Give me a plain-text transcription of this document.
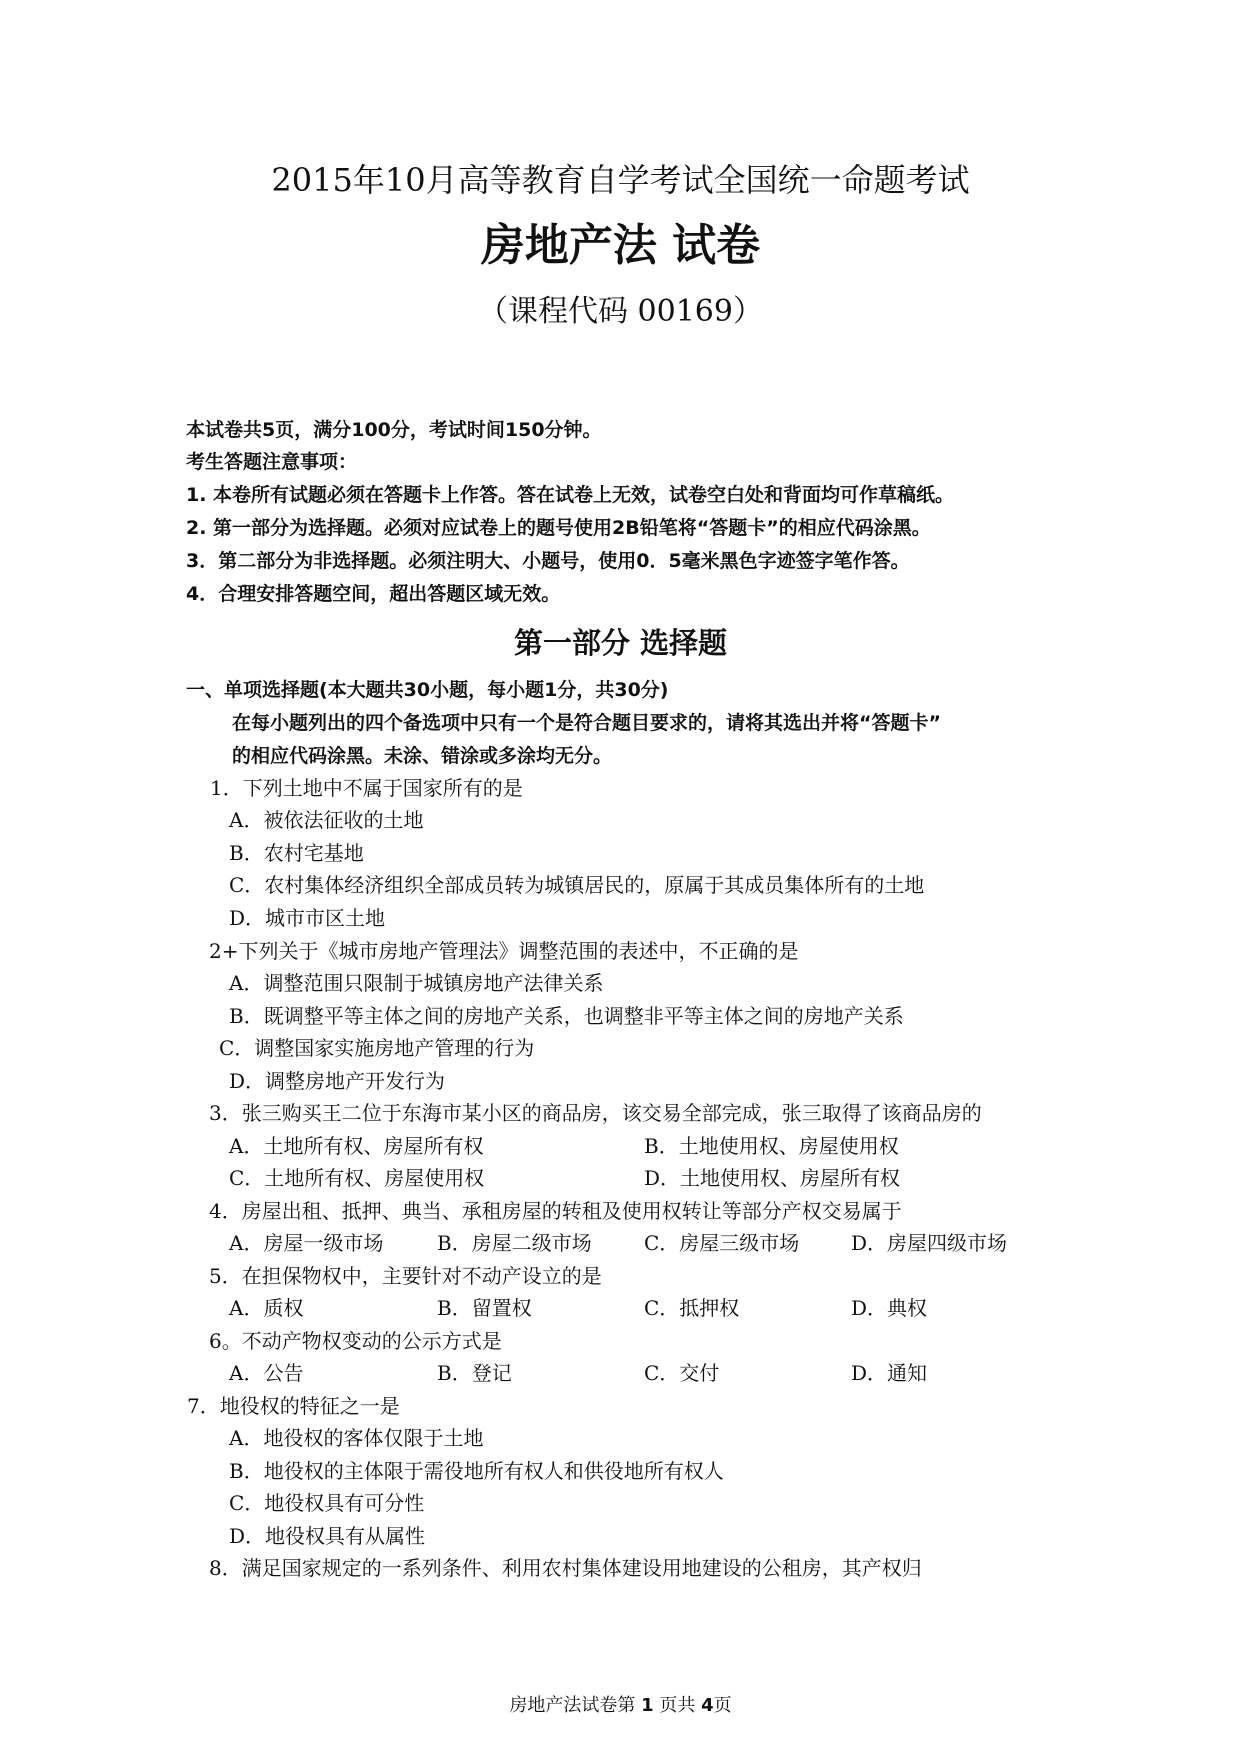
2015年10月高等教育自学考试全国统一命题考试
房地产法 试卷
（课程代码 00169）
本试卷共5页，满分100分，考试时间150分钟。
考生答题注意事项：
1. 本卷所有试题必须在答题卡上作答。答在试卷上无效，试卷空白处和背面均可作草稿纸。
2. 第一部分为选择题。必须对应试卷上的题号使用2B铅笔将“答题卡”的相应代码涂黑。
3．第二部分为非选择题。必须注明大、小题号，使用0．5毫米黑色字迹签字笔作答。
4．合理安排答题空间，超出答题区域无效。
第一部分 选择题
一、单项选择题(本大题共30小题，每小题1分，共30分)
在每小题列出的四个备选项中只有一个是符合题目要求的，请将其选出并将“答题卡”
的相应代码涂黑。未涂、错涂或多涂均无分。
1．下列土地中不属于国家所有的是
A．被依法征收的土地
B．农村宅基地
C．农村集体经济组织全部成员转为城镇居民的，原属于其成员集体所有的土地
D．城市市区土地
2+下列关于《城市房地产管理法》调整范围的表述中，不正确的是
A．调整范围只限制于城镇房地产法律关系
B．既调整平等主体之间的房地产关系，也调整非平等主体之间的房地产关系
C．调整国家实施房地产管理的行为
D．调整房地产开发行为
3．张三购买王二位于东海市某小区的商品房，该交易全部完成，张三取得了该商品房的
A．土地所有权、房屋所有权	B．土地使用权、房屋使用权
C．土地所有权、房屋使用权	D．土地使用权、房屋所有权
4．房屋出租、抵押、典当、承租房屋的转租及使用权转让等部分产权交易属于
A．房屋一级市场	B．房屋二级市场	C．房屋三级市场	D．房屋四级市场
5．在担保物权中，主要针对不动产设立的是
A．质权	B．留置权	C．抵押权	D．典权
6。不动产物权变动的公示方式是
A．公告	B．登记	C．交付	D．通知
7．地役权的特征之一是
A．地役权的客体仅限于土地
B．地役权的主体限于需役地所有权人和供役地所有权人
C．地役权具有可分性
D．地役权具有从属性
8．满足国家规定的一系列条件、利用农村集体建设用地建设的公租房，其产权归
房地产法试卷第 1 页共 4页
